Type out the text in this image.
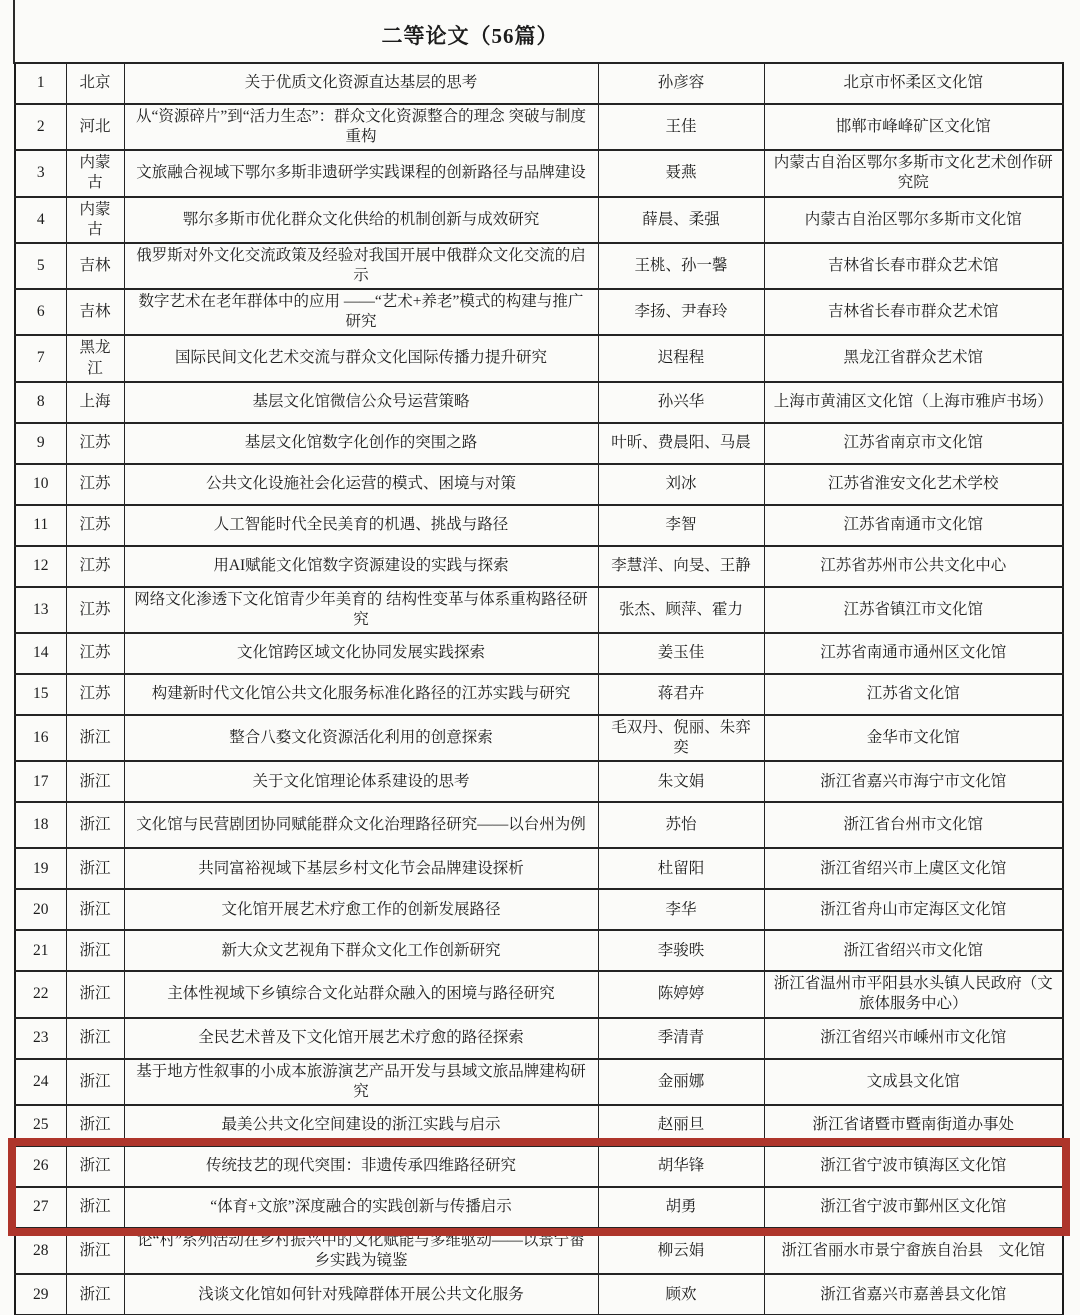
二等论文（56篇）
1	北京	关于优质文化资源直达基层的思考	孙彦容	北京市怀柔区文化馆
2	河北	从“资源碎片”到“活力生态”：群众文化资源整合的理念 突破与制度重构	王佳	邯郸市峰峰矿区文化馆
3	内蒙古	文旅融合视域下鄂尔多斯非遗研学实践课程的创新路径与品牌建设	聂燕	内蒙古自治区鄂尔多斯市文化艺术创作研究院
4	内蒙古	鄂尔多斯市优化群众文化供给的机制创新与成效研究	薛晨、柔强	内蒙古自治区鄂尔多斯市文化馆
5	吉林	俄罗斯对外文化交流政策及经验对我国开展中俄群众文化交流的启示	王桃、孙一馨	吉林省长春市群众艺术馆
6	吉林	数字艺术在老年群体中的应用 ——“艺术+养老”模式的构建与推广研究	李扬、尹春玲	吉林省长春市群众艺术馆
7	黑龙江	国际民间文化艺术交流与群众文化国际传播力提升研究	迟程程	黑龙江省群众艺术馆
8	上海	基层文化馆微信公众号运营策略	孙兴华	上海市黄浦区文化馆（上海市雅庐书场）
9	江苏	基层文化馆数字化创作的突围之路	叶昕、费晨阳、马晨	江苏省南京市文化馆
10	江苏	公共文化设施社会化运营的模式、困境与对策	刘冰	江苏省淮安文化艺术学校
11	江苏	人工智能时代全民美育的机遇、挑战与路径	李智	江苏省南通市文化馆
12	江苏	用AI赋能文化馆数字资源建设的实践与探索	李慧洋、向旻、王静	江苏省苏州市公共文化中心
13	江苏	网络文化渗透下文化馆青少年美育的 结构性变革与体系重构路径研究	张杰、顾萍、霍力	江苏省镇江市文化馆
14	江苏	文化馆跨区域文化协同发展实践探索	姜玉佳	江苏省南通市通州区文化馆
15	江苏	构建新时代文化馆公共文化服务标准化路径的江苏实践与研究	蒋君卉	江苏省文化馆
16	浙江	整合八婺文化资源活化利用的创意探索	毛双丹、倪丽、朱弈奕	金华市文化馆
17	浙江	关于文化馆理论体系建设的思考	朱文娟	浙江省嘉兴市海宁市文化馆
18	浙江	文化馆与民营剧团协同赋能群众文化治理路径研究——以台州为例	苏怡	浙江省台州市文化馆
19	浙江	共同富裕视域下基层乡村文化节会品牌建设探析	杜留阳	浙江省绍兴市上虞区文化馆
20	浙江	文化馆开展艺术疗愈工作的创新发展路径	李华	浙江省舟山市定海区文化馆
21	浙江	新大众文艺视角下群众文化工作创新研究	李骏昳	浙江省绍兴市文化馆
22	浙江	主体性视域下乡镇综合文化站群众融入的困境与路径研究	陈婷婷	浙江省温州市平阳县水头镇人民政府（文旅体服务中心）
23	浙江	全民艺术普及下文化馆开展艺术疗愈的路径探索	季清青	浙江省绍兴市嵊州市文化馆
24	浙江	基于地方性叙事的小成本旅游演艺产品开发与县域文旅品牌建构研究	金丽娜	文成县文化馆
25	浙江	最美公共文化空间建设的浙江实践与启示	赵丽旦	浙江省诸暨市暨南街道办事处
26	浙江	传统技艺的现代突围：非遗传承四维路径研究	胡华锋	浙江省宁波市镇海区文化馆
27	浙江	“体育+文旅”深度融合的实践创新与传播启示	胡勇	浙江省宁波市鄞州区文化馆
28	浙江	论“村”系列活动在乡村振兴中的文化赋能与多维驱动——以景宁畲乡实践为镜鉴	柳云娟	浙江省丽水市景宁畲族自治县　文化馆
29	浙江	浅谈文化馆如何针对残障群体开展公共文化服务	顾欢	浙江省嘉兴市嘉善县文化馆
